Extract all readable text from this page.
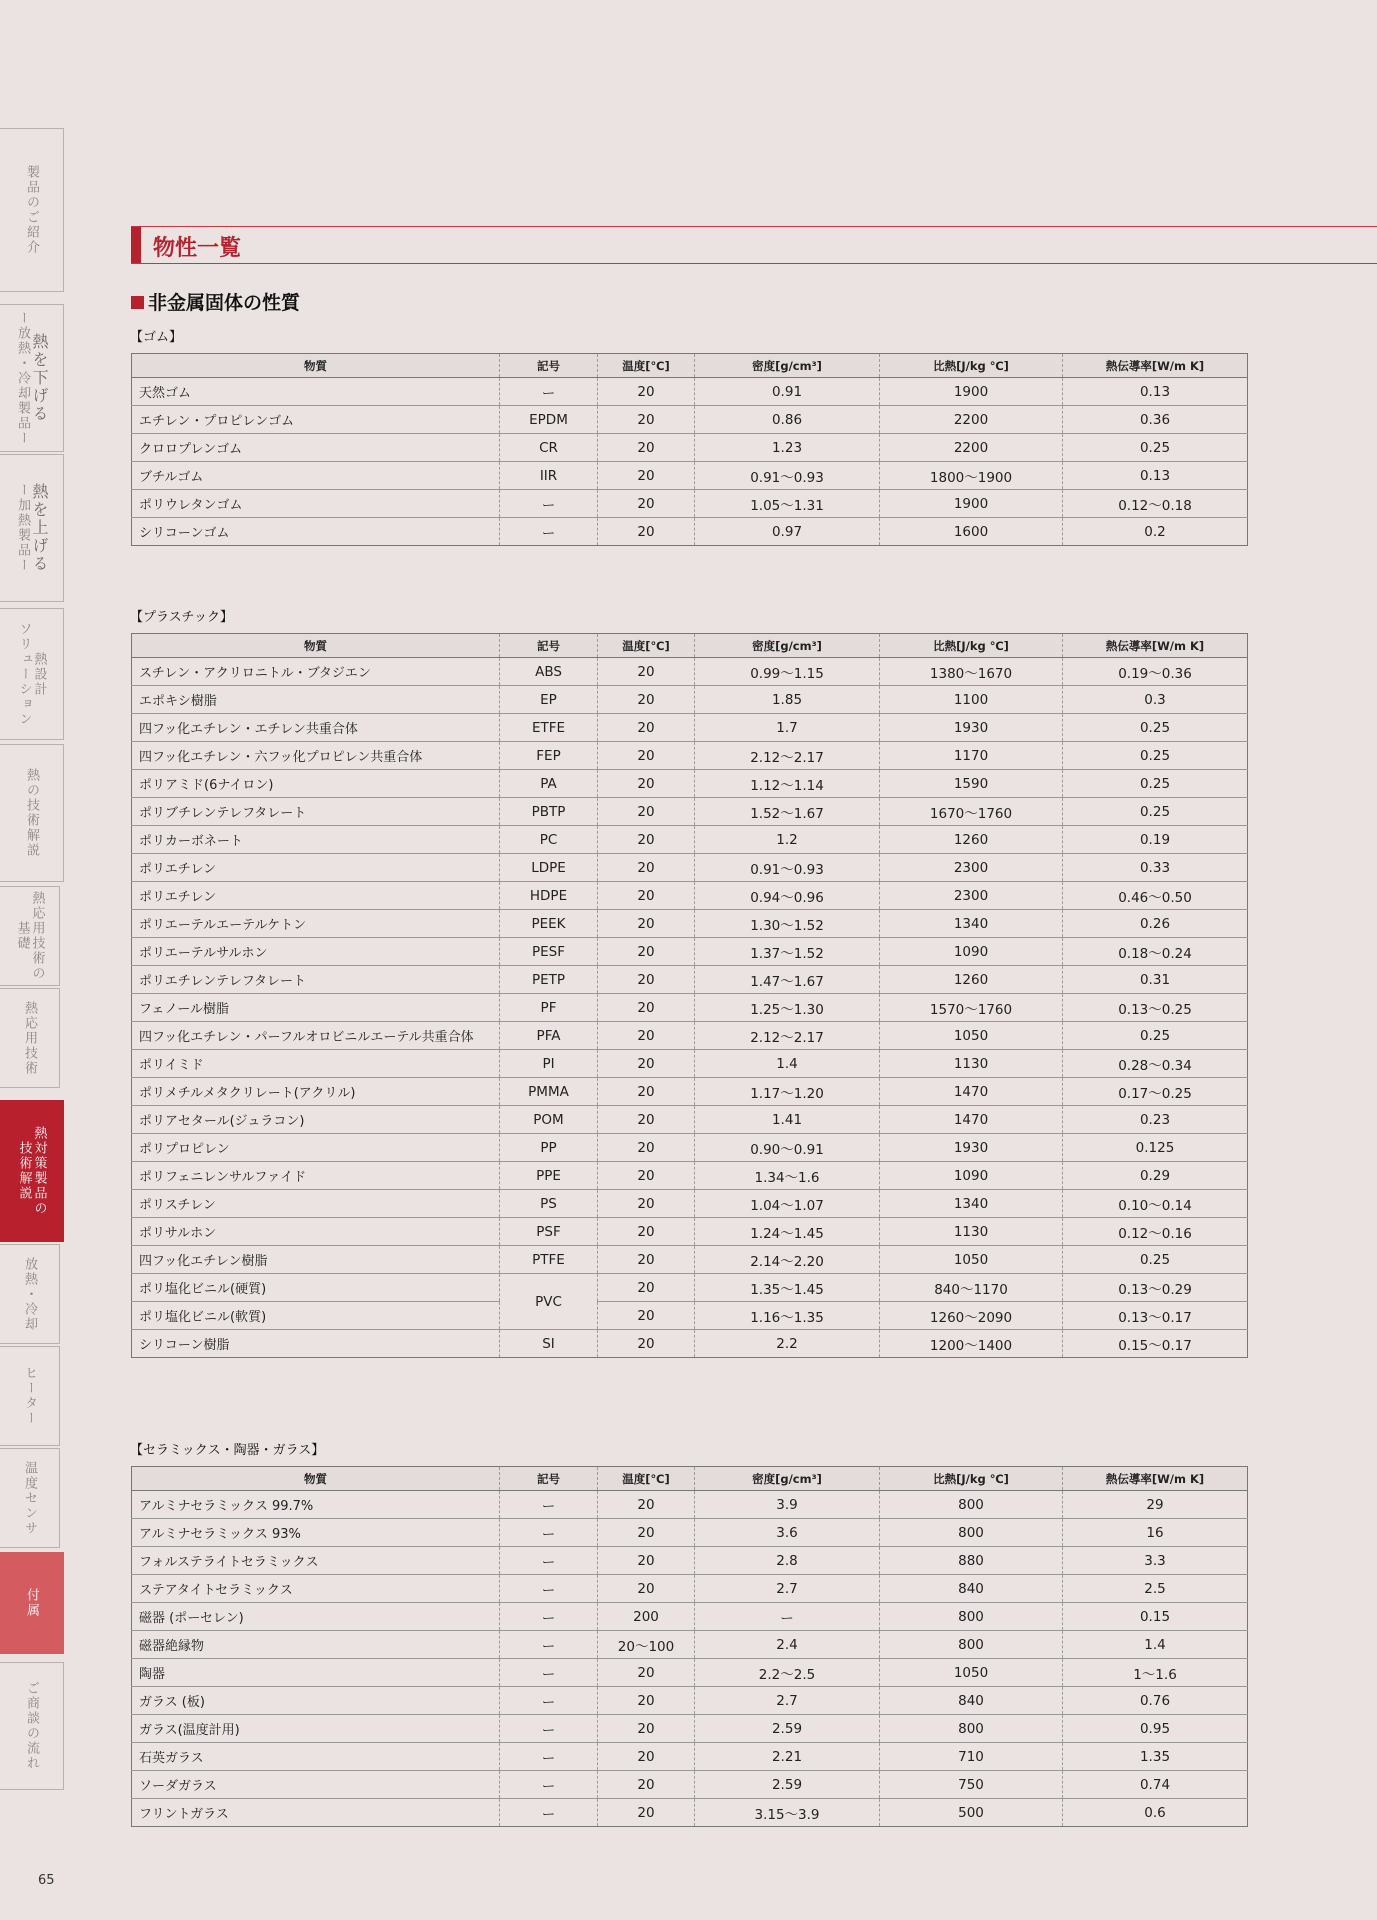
製品のご紹介
熱を下げる
ー放熱・冷却製品ー
熱を上げる
ー加熱製品ー
熱設計
ソリューション
熱の技術解説
熱応用技術の
基礎
熱応用技術
熱対策製品の
技術解説
放熱・冷却
ヒーター
温度センサ
付属
ご商談の流れ
65
物性一覧
非金属固体の性質
【ゴム】
物質	記号	温度[℃]	密度[g/cm³]	比熱[J/kg ℃]	熱伝導率[W/m K]
天然ゴム	ー	20	0.91	1900	0.13
エチレン・プロピレンゴム	EPDM	20	0.86	2200	0.36
クロロプレンゴム	CR	20	1.23	2200	0.25
ブチルゴム	IIR	20	0.91〜0.93	1800〜1900	0.13
ポリウレタンゴム	ー	20	1.05〜1.31	1900	0.12〜0.18
シリコーンゴム	ー	20	0.97	1600	0.2
【プラスチック】
物質	記号	温度[℃]	密度[g/cm³]	比熱[J/kg ℃]	熱伝導率[W/m K]
スチレン・アクリロニトル・ブタジエン	ABS	20	0.99〜1.15	1380〜1670	0.19〜0.36
エポキシ樹脂	EP	20	1.85	1100	0.3
四フッ化エチレン・エチレン共重合体	ETFE	20	1.7	1930	0.25
四フッ化エチレン・六フッ化プロピレン共重合体	FEP	20	2.12〜2.17	1170	0.25
ポリアミド(6ナイロン)	PA	20	1.12〜1.14	1590	0.25
ポリブチレンテレフタレート	PBTP	20	1.52〜1.67	1670〜1760	0.25
ポリカーボネート	PC	20	1.2	1260	0.19
ポリエチレン	LDPE	20	0.91〜0.93	2300	0.33
ポリエチレン	HDPE	20	0.94〜0.96	2300	0.46〜0.50
ポリエーテルエーテルケトン	PEEK	20	1.30〜1.52	1340	0.26
ポリエーテルサルホン	PESF	20	1.37〜1.52	1090	0.18〜0.24
ポリエチレンテレフタレート	PETP	20	1.47〜1.67	1260	0.31
フェノール樹脂	PF	20	1.25〜1.30	1570〜1760	0.13〜0.25
四フッ化エチレン・パーフルオロビニルエーテル共重合体	PFA	20	2.12〜2.17	1050	0.25
ポリイミド	PI	20	1.4	1130	0.28〜0.34
ポリメチルメタクリレート(アクリル)	PMMA	20	1.17〜1.20	1470	0.17〜0.25
ポリアセタール(ジュラコン)	POM	20	1.41	1470	0.23
ポリプロピレン	PP	20	0.90〜0.91	1930	0.125
ポリフェニレンサルファイド	PPE	20	1.34〜1.6	1090	0.29
ポリスチレン	PS	20	1.04〜1.07	1340	0.10〜0.14
ポリサルホン	PSF	20	1.24〜1.45	1130	0.12〜0.16
四フッ化エチレン樹脂	PTFE	20	2.14〜2.20	1050	0.25
ポリ塩化ビニル(硬質)	PVC	20	1.35〜1.45	840〜1170	0.13〜0.29
ポリ塩化ビニル(軟質)		20	1.16〜1.35	1260〜2090	0.13〜0.17
シリコーン樹脂	SI	20	2.2	1200〜1400	0.15〜0.17
【セラミックス・陶器・ガラス】
物質	記号	温度[℃]	密度[g/cm³]	比熱[J/kg ℃]	熱伝導率[W/m K]
アルミナセラミックス 99.7%	ー	20	3.9	800	29
アルミナセラミックス 93%	ー	20	3.6	800	16
フォルステライトセラミックス	ー	20	2.8	880	3.3
ステアタイトセラミックス	ー	20	2.7	840	2.5
磁器 (ポーセレン)	ー	200	ー	800	0.15
磁器絶縁物	ー	20〜100	2.4	800	1.4
陶器	ー	20	2.2〜2.5	1050	1〜1.6
ガラス (板)	ー	20	2.7	840	0.76
ガラス(温度計用)	ー	20	2.59	800	0.95
石英ガラス	ー	20	2.21	710	1.35
ソーダガラス	ー	20	2.59	750	0.74
フリントガラス	ー	20	3.15〜3.9	500	0.6
